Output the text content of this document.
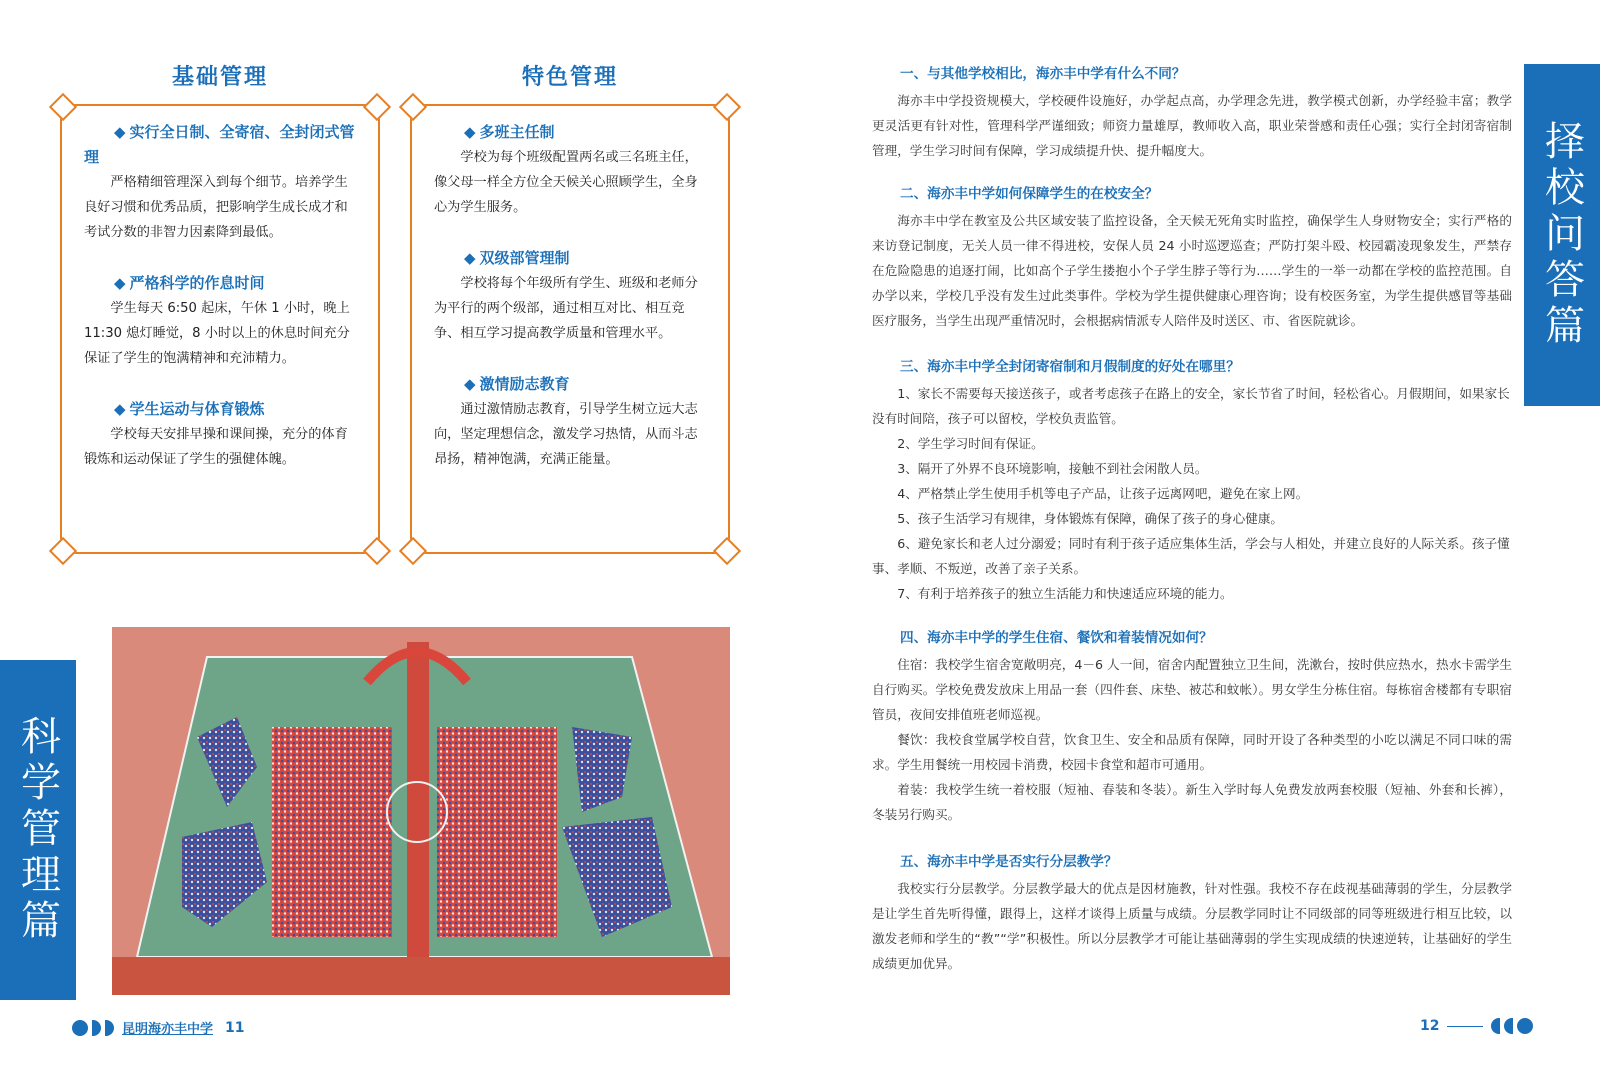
基础管理	特色管理
◆ 实行全日制、全寄宿、全封闭式管理

严格精细管理深入到每个细节。培养学生良好习惯和优秀品质，把影响学生成长成才和考试分数的非智力因素降到最低。

◆ 严格科学的作息时间

学生每天 6:50 起床，午休 1 小时，晚上 11:30 熄灯睡觉，8 小时以上的休息时间充分保证了学生的饱满精神和充沛精力。

◆ 学生运动与体育锻炼

学校每天安排早操和课间操，充分的体育锻炼和运动保证了学生的强健体魄。

◆ 多班主任制

学校为每个班级配置两名或三名班主任，像父母一样全方位全天候关心照顾学生，全身心为学生服务。

◆ 双级部管理制

学校将每个年级所有学生、班级和老师分为平行的两个级部，通过相互对比、相互竞争、相互学习提高教学质量和管理水平。

◆ 激情励志教育

通过激情励志教育，引导学生树立远大志向，坚定理想信念，激发学习热情，从而斗志昂扬，精神饱满，充满正能量。

科学管理篇
昆明海亦丰中学 11
择校问答篇
一、与其他学校相比，海亦丰中学有什么不同？

海亦丰中学投资规模大，学校硬件设施好，办学起点高，办学理念先进，教学模式创新，办学经验丰富；教学更灵活更有针对性，管理科学严谨细致；师资力量雄厚，教师收入高，职业荣誉感和责任心强；实行全封闭寄宿制管理，学生学习时间有保障，学习成绩提升快、提升幅度大。

二、海亦丰中学如何保障学生的在校安全？

海亦丰中学在教室及公共区域安装了监控设备，全天候无死角实时监控，确保学生人身财物安全；实行严格的来访登记制度，无关人员一律不得进校，安保人员 24 小时巡逻巡查；严防打架斗殴、校园霸凌现象发生，严禁存在危险隐患的追逐打闹，比如高个子学生搂抱小个子学生脖子等行为……学生的一举一动都在学校的监控范围。自办学以来，学校几乎没有发生过此类事件。学校为学生提供健康心理咨询；设有校医务室，为学生提供感冒等基础医疗服务，当学生出现严重情况时，会根据病情派专人陪伴及时送区、市、省医院就诊。

三、海亦丰中学全封闭寄宿制和月假制度的好处在哪里？

1、家长不需要每天接送孩子，或者考虑孩子在路上的安全，家长节省了时间，轻松省心。月假期间，如果家长没有时间陪，孩子可以留校，学校负责监管。

2、学生学习时间有保证。

3、隔开了外界不良环境影响，接触不到社会闲散人员。

4、严格禁止学生使用手机等电子产品，让孩子远离网吧，避免在家上网。

5、孩子生活学习有规律，身体锻炼有保障，确保了孩子的身心健康。

6、避免家长和老人过分溺爱；同时有利于孩子适应集体生活，学会与人相处，并建立良好的人际关系。孩子懂事、孝顺、不叛逆，改善了亲子关系。

7、有利于培养孩子的独立生活能力和快速适应环境的能力。

四、海亦丰中学的学生住宿、餐饮和着装情况如何？

住宿：我校学生宿舍宽敞明亮，4－6 人一间，宿舍内配置独立卫生间，洗漱台，按时供应热水，热水卡需学生自行购买。学校免费发放床上用品一套（四件套、床垫、被芯和蚊帐）。男女学生分栋住宿。每栋宿舍楼都有专职宿管员，夜间安排值班老师巡视。

餐饮：我校食堂属学校自营，饮食卫生、安全和品质有保障，同时开设了各种类型的小吃以满足不同口味的需求。学生用餐统一用校园卡消费，校园卡食堂和超市可通用。

着装：我校学生统一着校服（短袖、春装和冬装）。新生入学时每人免费发放两套校服（短袖、外套和长裤），冬装另行购买。

五、海亦丰中学是否实行分层教学？

我校实行分层教学。分层教学最大的优点是因材施教，针对性强。我校不存在歧视基础薄弱的学生，分层教学是让学生首先听得懂，跟得上，这样才谈得上质量与成绩。分层教学同时让不同级部的同等班级进行相互比较，以激发老师和学生的“教”“学”积极性。所以分层教学才可能让基础薄弱的学生实现成绩的快速逆转，让基础好的学生成绩更加优异。

12
